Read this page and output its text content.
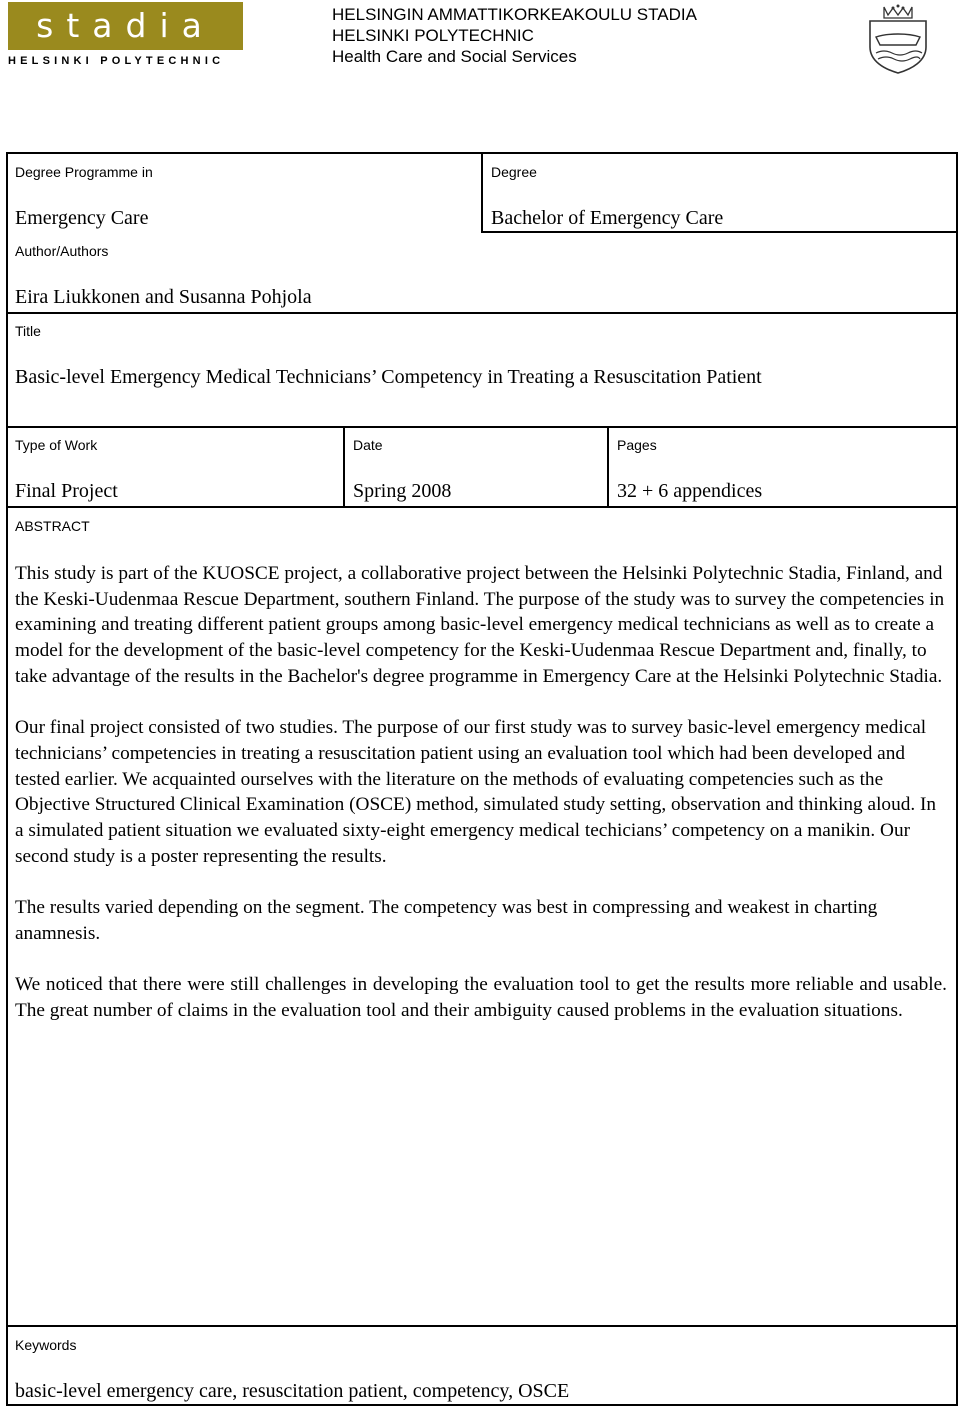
stadia
HELSINKI POLYTECHNIC
HELSINGIN AMMATTIKORKEAKOULU STADIA
HELSINKI POLYTECHNIC
Health Care and Social Services
Degree Programme in
Emergency Care
Degree
Bachelor of Emergency Care
Author/Authors
Eira Liukkonen and Susanna Pohjola
Title
Basic-level Emergency Medical Technicians’ Competency in Treating a Resuscitation Patient
Type of Work
Final Project
Date
Spring 2008
Pages
32 + 6 appendices
ABSTRACT

This study is part of the KUOSCE project, a collaborative project between the Helsinki Polytechnic Stadia, Finland, and the Keski-Uudenmaa Rescue Department, southern Finland. The purpose of the study was to survey the competencies in examining and treating different patient groups among basic-level emergency medical technicians as well as to create a model for the development of the basic-level competency for the Keski-Uudenmaa Rescue Department and, finally, to take advantage of the results in the Bachelor's degree programme in Emergency Care at the Helsinki Polytechnic Stadia.

Our final project consisted of two studies. The purpose of our first study was to survey basic-level emergency medical technicians’ competencies in treating a resuscitation patient using an evaluation tool which had been developed and tested earlier. We acquainted ourselves with the literature on the methods of evaluating competencies such as the Objective Structured Clinical Examination (OSCE) method, simulated study setting, observation and thinking aloud. In a simulated patient situation we evaluated sixty-eight emergency medical techicians’ competency on a manikin. Our second study is a poster representing the results.

The results varied depending on the segment. The competency was best in compressing and weakest in charting anamnesis.

We noticed that there were still challenges in developing the evaluation tool to get the results more reliable and usable. The great number of claims in the evaluation tool and their ambiguity caused problems in the evaluation situations.

Keywords
basic-level emergency care, resuscitation patient, competency, OSCE
